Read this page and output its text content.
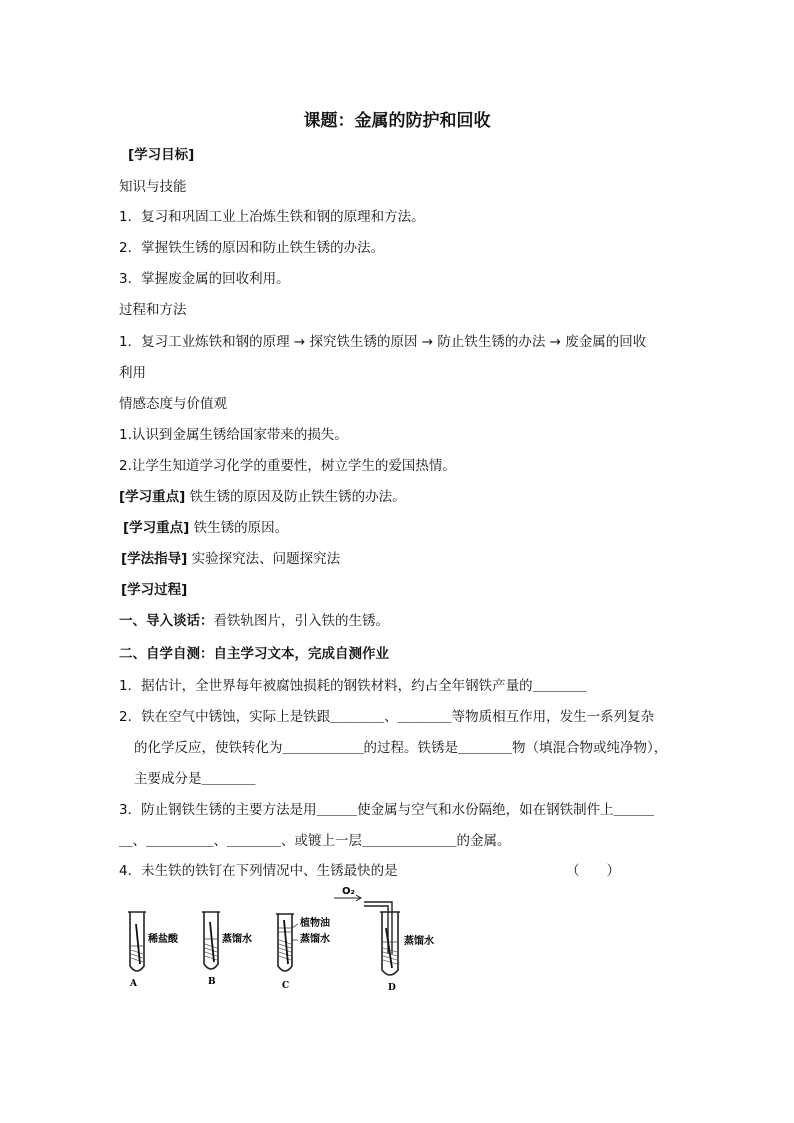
课题：金属的防护和回收
[学习目标]
知识与技能
1．复习和巩固工业上冶炼生铁和钢的原理和方法。
2．掌握铁生锈的原因和防止铁生锈的办法。
3．掌握废金属的回收利用。
过程和方法
1．复习工业炼铁和钢的原理 → 探究铁生锈的原因 → 防止铁生锈的办法 → 废金属的回收
利用
情感态度与价值观
1.认识到金属生锈给国家带来的损失。
2.让学生知道学习化学的重要性，树立学生的爱国热情。
[学习重点] 铁生锈的原因及防止铁生锈的办法。
[学习重点] 铁生锈的原因。
[学法指导] 实验探究法、问题探究法
[学习过程]
一、导入谈话：看铁轨图片，引入铁的生锈。
二、自学自测：自主学习文本，完成自测作业
1．据估计，全世界每年被腐蚀损耗的钢铁材料，约占全年钢铁产量的＿＿＿＿
2．铁在空气中锈蚀，实际上是铁跟＿＿＿＿、＿＿＿＿等物质相互作用，发生一系列复杂
的化学反应，使铁转化为＿＿＿＿＿＿的过程。铁锈是＿＿＿＿物（填混合物或纯净物），
主要成分是＿＿＿＿
3．防止钢铁生锈的主要方法是用＿＿＿使金属与空气和水份隔绝，如在钢铁制件上＿＿＿
＿、＿＿＿＿＿、＿＿＿＿、或镀上一层＿＿＿＿＿＿＿的金属。
4．未生铁的铁钉在下列情况中、生锈最快的是	（　　）
稀盐酸
A
蒸馏水
B
植物油
蒸馏水
C
O₂
蒸馏水
D
